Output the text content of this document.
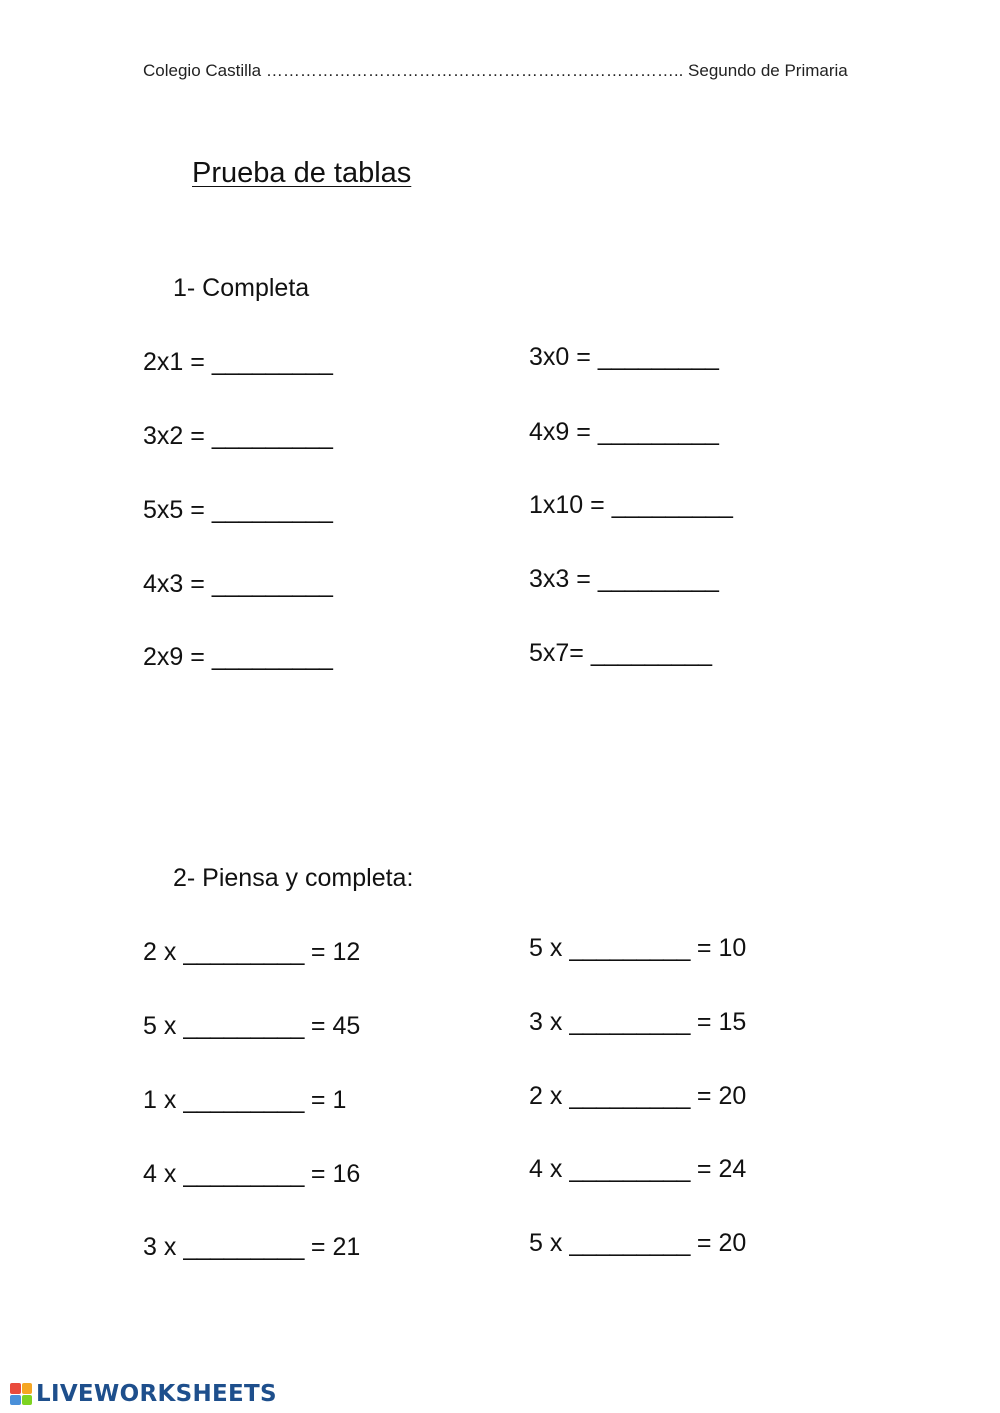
Colegio Castilla ……………………………………………………………….. Segundo de Primaria
Prueba de tablas
1- Completa
2x1 = _________
3x2 = _________
5x5 = _________
4x3 = _________
2x9 = _________
3x0 = _________
4x9 = _________
1x10 = _________
3x3 = _________
5x7= _________
2- Piensa y completa:
2 x _________ = 12
5 x _________ = 45
1 x _________ = 1
4 x _________ = 16
3 x _________ = 21
5 x _________ = 10
3 x _________ = 15
2 x _________ = 20
4 x _________ = 24
5 x _________ = 20
LIVEWORKSHEETS
